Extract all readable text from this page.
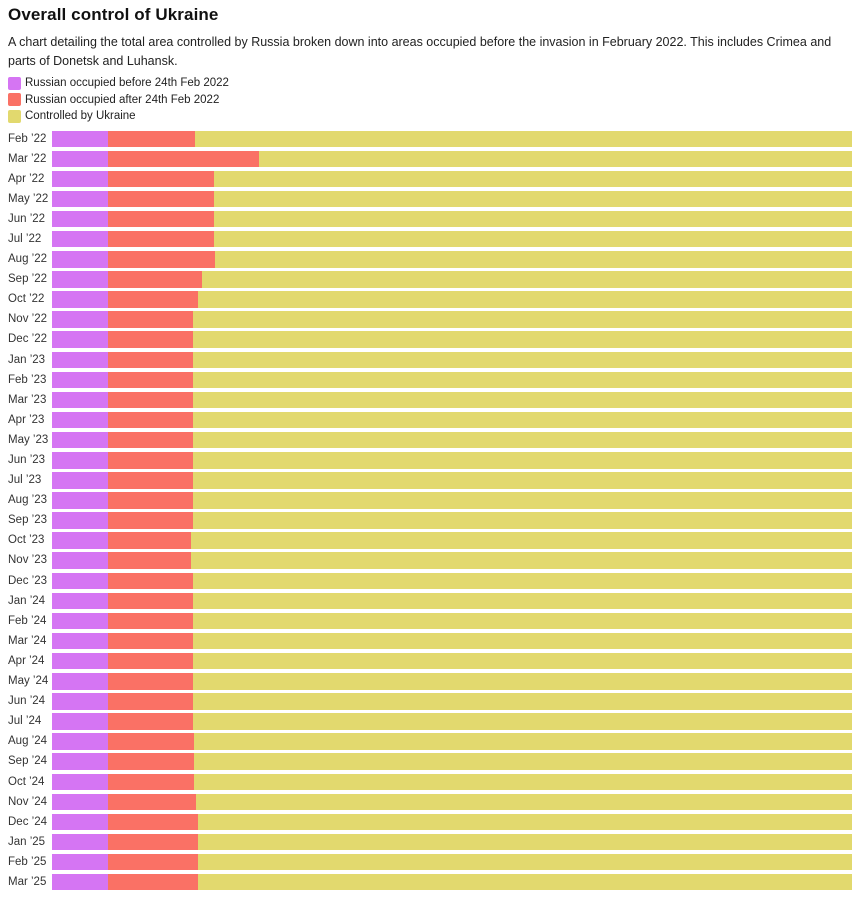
Overall control of Ukraine

A chart detailing the total area controlled by Russia broken down into areas occupied before the invasion in February 2022. This includes Crimea and parts of Donetsk and Luhansk.

Russian occupied before 24th Feb 2022
Russian occupied after 24th Feb 2022
Controlled by Ukraine
Feb ’22
Mar ’22
Apr ’22
May ’22
Jun ’22
Jul ’22
Aug ’22
Sep ’22
Oct ’22
Nov ’22
Dec ’22
Jan ’23
Feb ’23
Mar ’23
Apr ’23
May ’23
Jun ’23
Jul ’23
Aug ’23
Sep ’23
Oct ’23
Nov ’23
Dec ’23
Jan ’24
Feb ’24
Mar ’24
Apr ’24
May ’24
Jun ’24
Jul ’24
Aug ’24
Sep ’24
Oct ’24
Nov ’24
Dec ’24
Jan ’25
Feb ’25
Mar ’25
